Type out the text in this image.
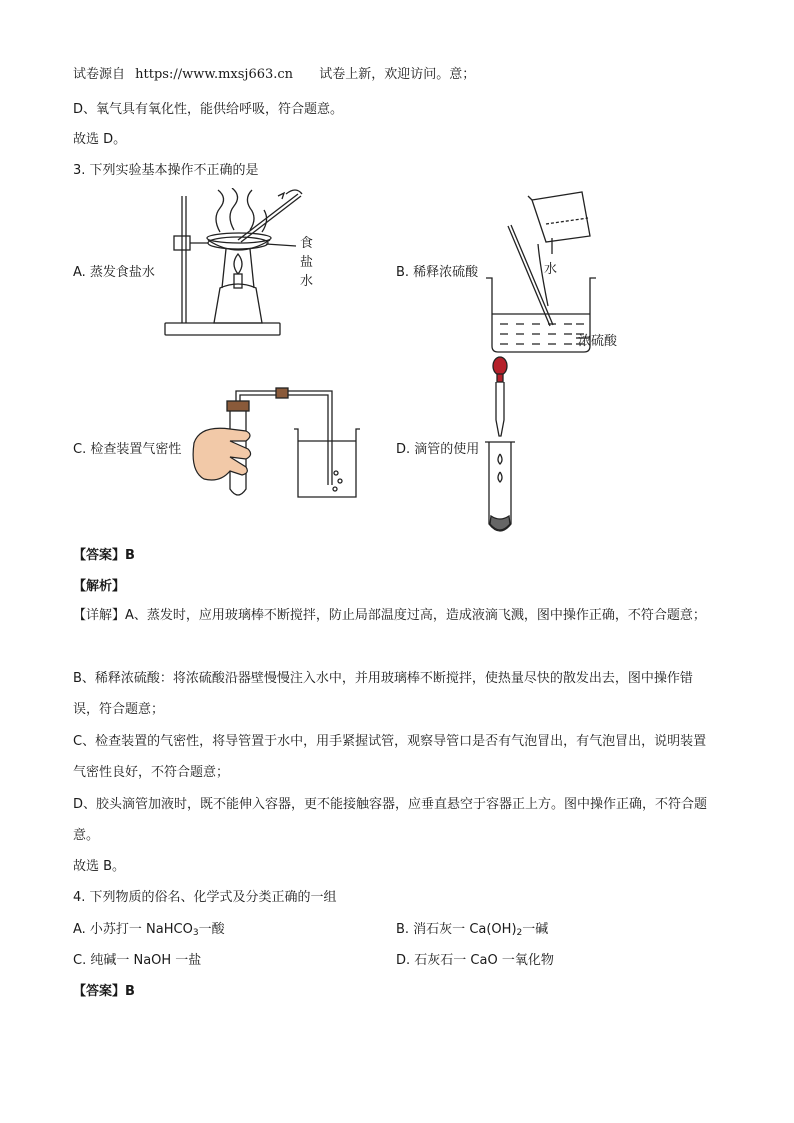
试卷源自 https://www.mxsj663.cn 试卷上新，欢迎访问。意；
D、氧气具有氧化性，能供给呼吸，符合题意。
故选 D。
3. 下列实验基本操作不正确的是
A. 蒸发食盐水	B. 稀释浓硫酸
C. 检查装置气密性	D. 滴管的使用
食
盐
水
水
浓硫酸
【答案】B
【解析】
【详解】A、蒸发时，应用玻璃棒不断搅拌，防止局部温度过高，造成液滴飞溅，图中操作正确，不符合题意；
B、稀释浓硫酸：将浓硫酸沿器壁慢慢注入水中，并用玻璃棒不断搅拌，使热量尽快的散发出去，图中操作错误，符合题意；
C、检查装置的气密性，将导管置于水中，用手紧握试管，观察导管口是否有气泡冒出，有气泡冒出，说明装置气密性良好，不符合题意；
D、胶头滴管加液时，既不能伸入容器，更不能接触容器，应垂直悬空于容器正上方。图中操作正确，不符合题意。
故选 B。
4. 下列物质的俗名、化学式及分类正确的一组
A. 小苏打一 NaHCO$_3$一酸	B. 消石灰一 $Ca(OH)_2$一碱
C. 纯碱一 NaOH 一盐	D. 石灰石一 CaO 一氧化物
【答案】B
